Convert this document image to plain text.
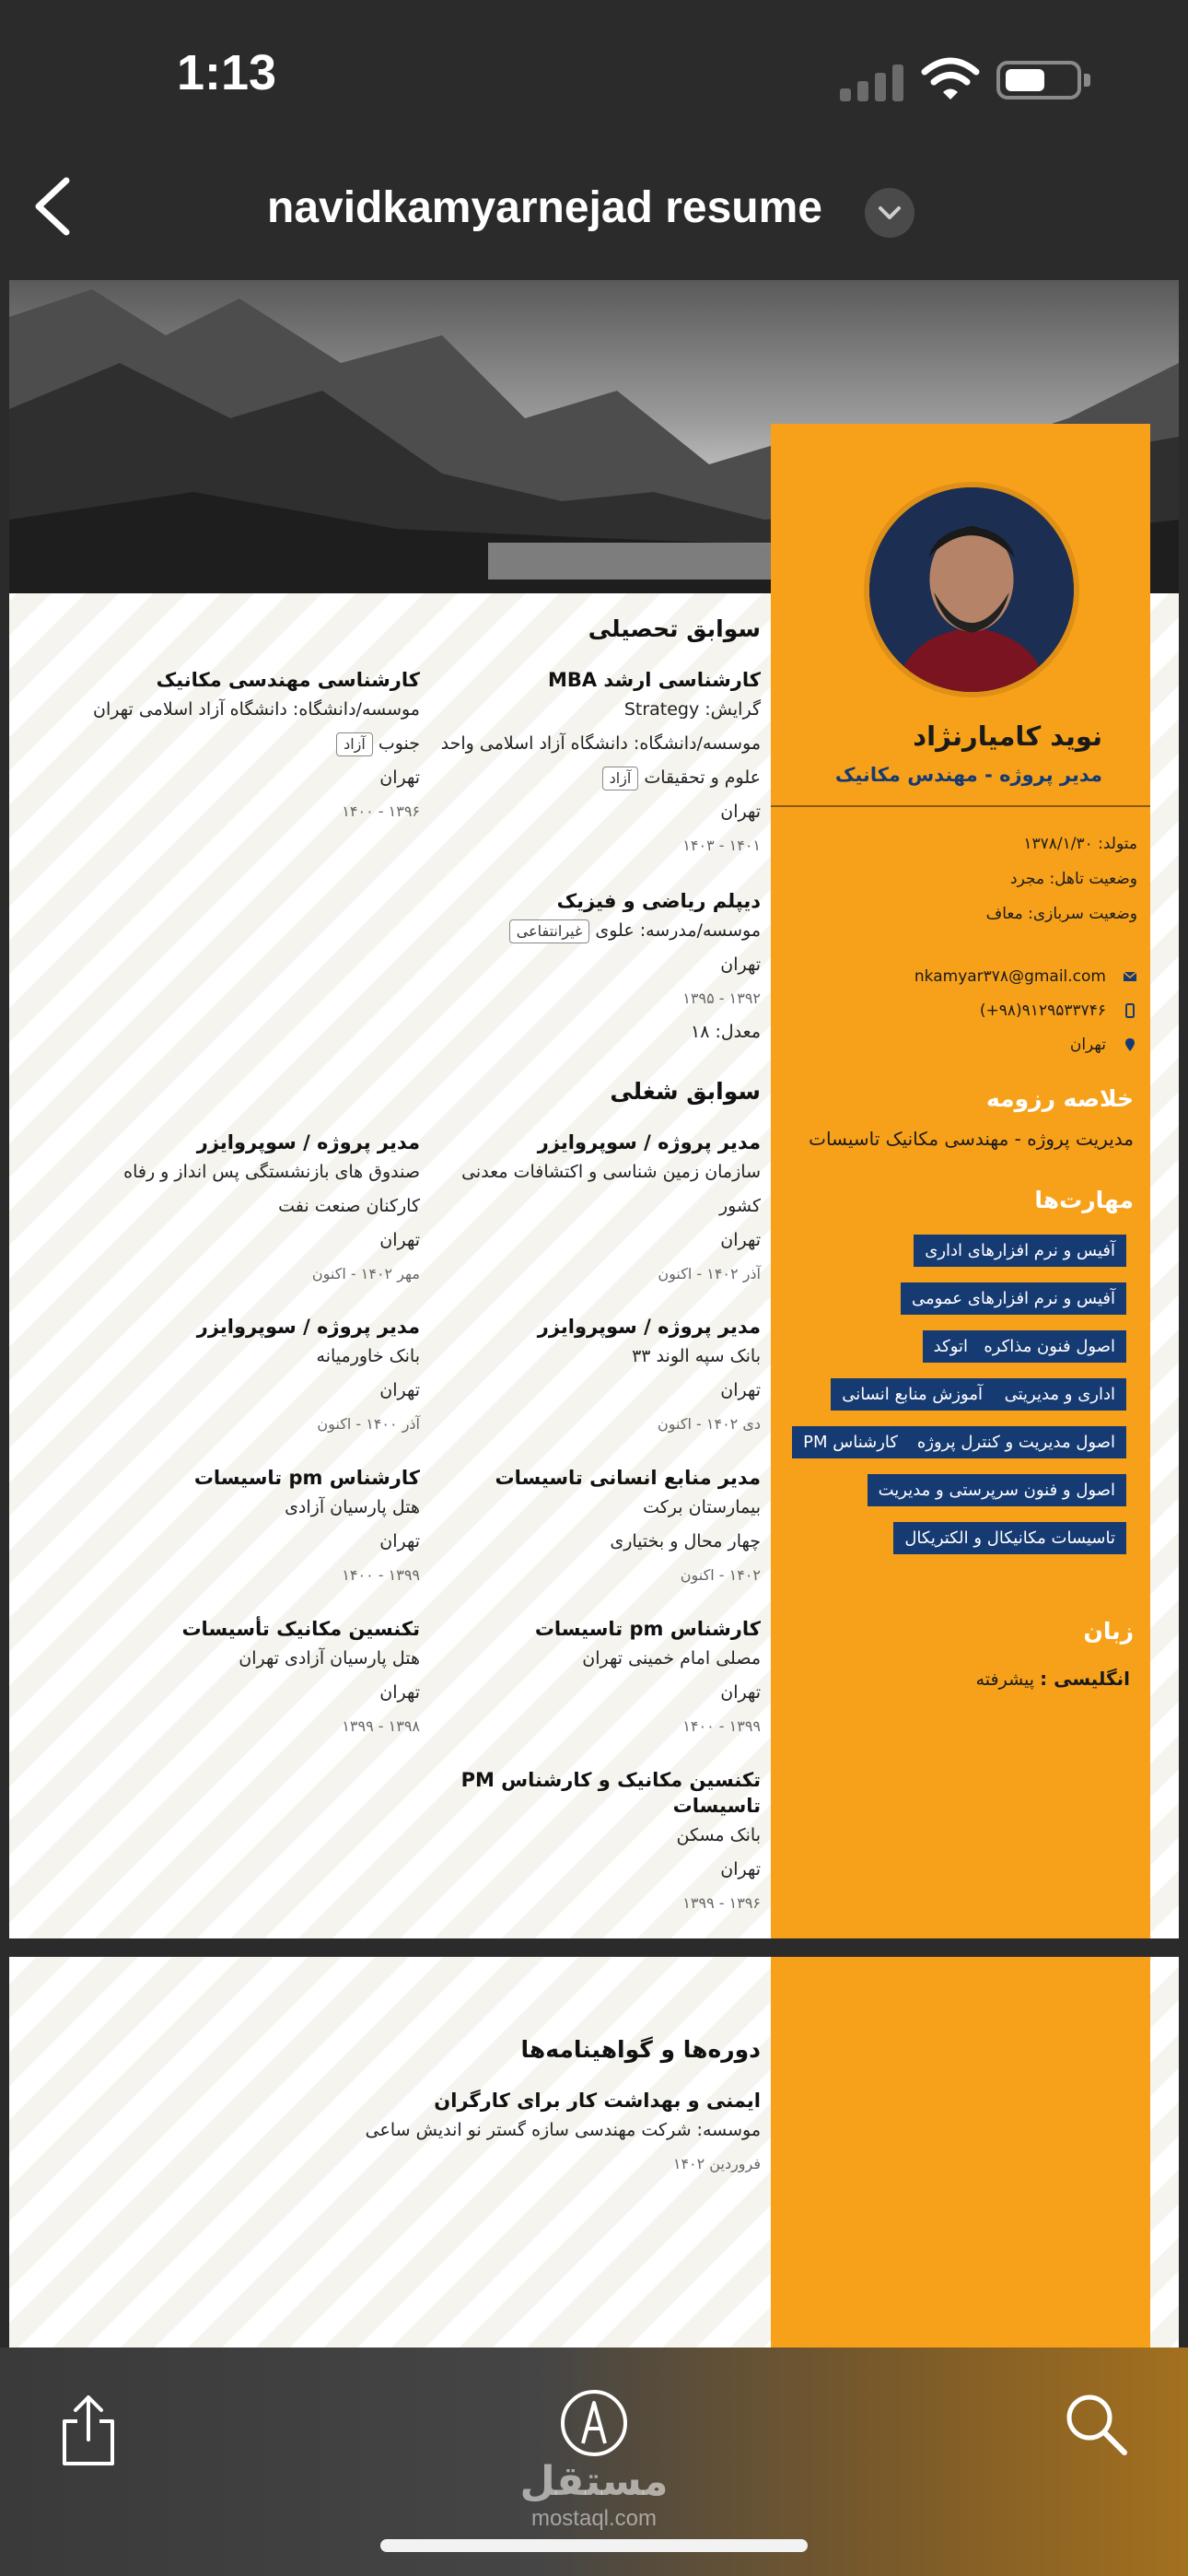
1:13
navidkamyarnejad resume
نوید کامیارنژاد
مدیر پروژه - مهندس مکانیک
متولد: ۱۳۷۸/۱/۳۰
وضعیت تاهل: مجرد
وضعیت سربازی: معاف
nkamyar۳۷۸@gmail.com
(+۹۸)۹۱۲۹۵۳۳۷۴۶
تهران
خلاصه رزومه
مدیریت پروژه - مهندسی مکانیک تاسیسات
مهارت‌ها
آفیس و نرم افزارهای اداری
آفیس و نرم افزارهای عمومی
اصول فنون مذاکره
اتوکد
اداری و مدیریتی
آموزش منابع انسانی
اصول مدیریت و کنترل پروژه
کارشناس PM
اصول و فنون سرپرستی و مدیریت
تاسیسات مکانیکال و الکتریکال
زبان
انگلیسی : پیشرفته
سوابق تحصیلی
کارشناسی ارشد MBA
گرایش: Strategy
موسسه/دانشگاه: دانشگاه آزاد اسلامی واحد
علوم و تحقیقاتآزاد
تهران
۱۴۰۱ - ۱۴۰۳
کارشناسی مهندسی مکانیک
موسسه/دانشگاه: دانشگاه آزاد اسلامی تهران
جنوبآزاد
تهران
۱۳۹۶ - ۱۴۰۰
دیپلم ریاضی و فیزیک
موسسه/مدرسه: علویغیرانتفاعی
تهران
۱۳۹۲ - ۱۳۹۵
معدل: ۱۸
سوابق شغلی
مدیر پروژه / سوپروایزر
سازمان زمین شناسی و اکتشافات معدنی
کشور
تهران
آذر ۱۴۰۲ - اکنون
مدیر پروژه / سوپروایزر
صندوق های بازنشستگی پس انداز و رفاه
کارکنان صنعت نفت
تهران
مهر ۱۴۰۲ - اکنون
مدیر پروژه / سوپروایزر
بانک سپه الوند ۳۳
تهران
دی ۱۴۰۲ - اکنون
مدیر پروژه / سوپروایزر
بانک خاورمیانه
تهران
آذر ۱۴۰۰ - اکنون
مدیر منابع انسانی تاسیسات
بیمارستان برکت
چهار محال و بختیاری
۱۴۰۲ - اکنون
کارشناس pm تاسیسات
هتل پارسیان آزادی
تهران
۱۳۹۹ - ۱۴۰۰
کارشناس pm تاسیسات
مصلی امام خمینی تهران
تهران
۱۳۹۹ - ۱۴۰۰
تکنسین مکانیک تأسیسات
هتل پارسیان آزادی تهران
تهران
۱۳۹۸ - ۱۳۹۹
تکنسین مکانیک و کارشناس PM تاسیسات
بانک مسکن
تهران
۱۳۹۶ - ۱۳۹۹
دوره‌ها و گواهینامه‌ها
ایمنی و بهداشت کار برای کارگران
موسسه: شرکت مهندسی سازه گستر نو اندیش ساعی
فروردین ۱۴۰۲
مستقل
mostaql.com
